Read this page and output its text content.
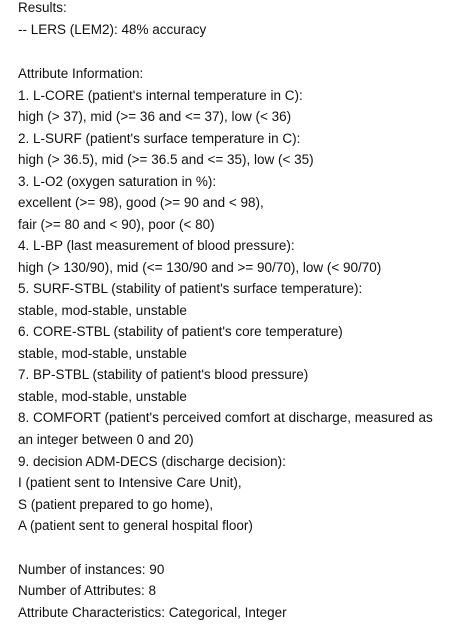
Results:
-- LERS (LEM2): 48% accuracy
Attribute Information:
1. L-CORE (patient's internal temperature in C):
high (> 37), mid (>= 36 and <= 37), low (< 36)
2. L-SURF (patient's surface temperature in C):
high (> 36.5), mid (>= 36.5 and <= 35), low (< 35)
3. L-O2 (oxygen saturation in %):
excellent (>= 98), good (>= 90 and < 98),
fair (>= 80 and < 90), poor (< 80)
4. L-BP (last measurement of blood pressure):
high (> 130/90), mid (<= 130/90 and >= 90/70), low (< 90/70)
5. SURF-STBL (stability of patient's surface temperature):
stable, mod-stable, unstable
6. CORE-STBL (stability of patient's core temperature)
stable, mod-stable, unstable
7. BP-STBL (stability of patient's blood pressure)
stable, mod-stable, unstable
8. COMFORT (patient's perceived comfort at discharge, measured as
an integer between 0 and 20)
9. decision ADM-DECS (discharge decision):
I (patient sent to Intensive Care Unit),
S (patient prepared to go home),
A (patient sent to general hospital floor)
Number of instances: 90
Number of Attributes: 8
Attribute Characteristics: Categorical, Integer
